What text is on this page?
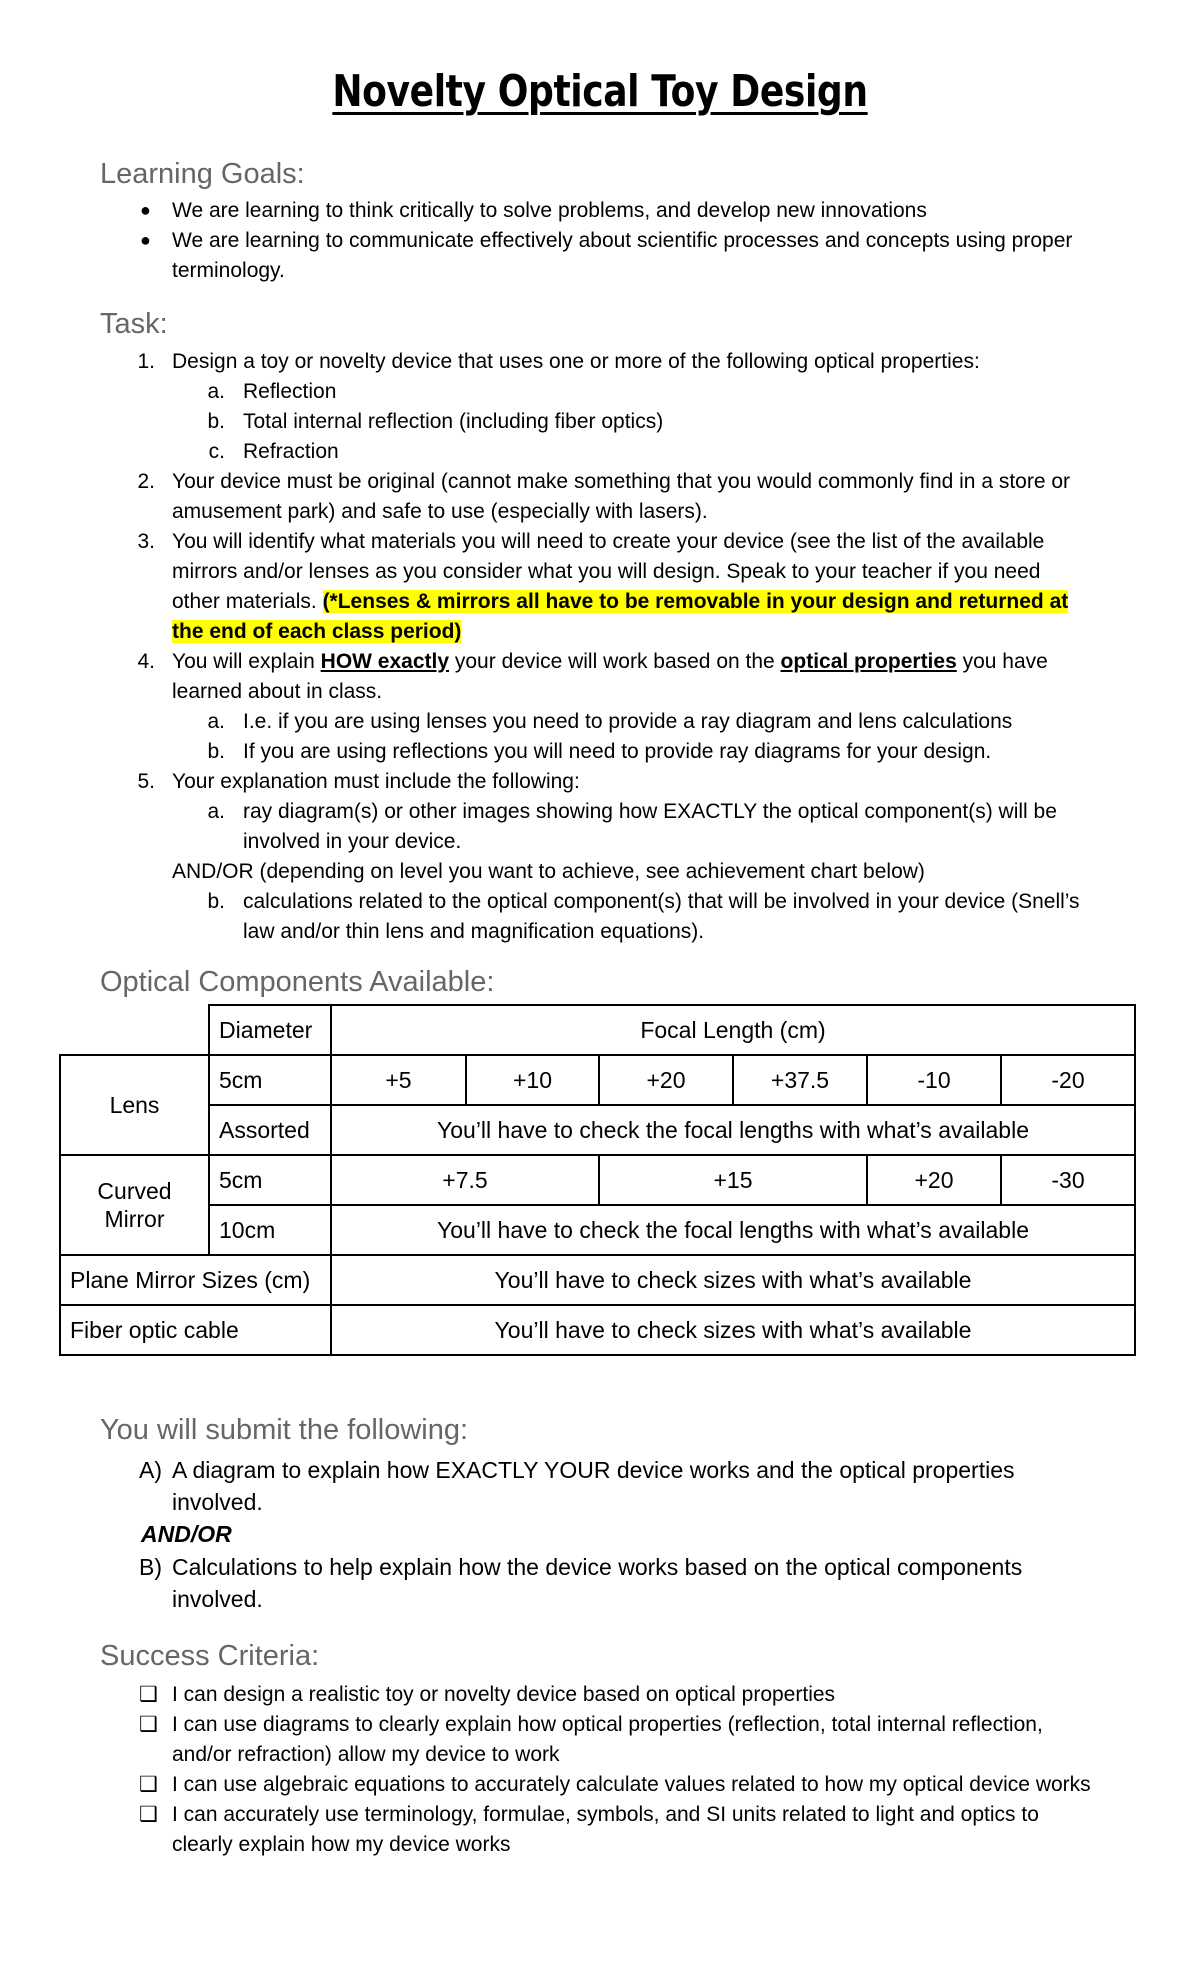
Novelty Optical Toy Design
Learning Goals:
● We are learning to think critically to solve problems, and develop new innovations
● We are learning to communicate effectively about scientific processes and concepts using proper
terminology.
Task:
1. Design a toy or novelty device that uses one or more of the following optical properties:
a. Reflection
b. Total internal reflection (including fiber optics)
c. Refraction
2. Your device must be original (cannot make something that you would commonly find in a store or
amusement park) and safe to use (especially with lasers).
3. You will identify what materials you will need to create your device (see the list of the available
mirrors and/or lenses as you consider what you will design. Speak to your teacher if you need
other materials. (*Lenses & mirrors all have to be removable in your design and returned at
the end of each class period)
4. You will explain HOW exactly your device will work based on the optical properties you have
learned about in class.
a. I.e. if you are using lenses you need to provide a ray diagram and lens calculations
b. If you are using reflections you will need to provide ray diagrams for your design.
5. Your explanation must include the following:
a. ray diagram(s) or other images showing how EXACTLY the optical component(s) will be
involved in your device.
AND/OR (depending on level you want to achieve, see achievement chart below)
b. calculations related to the optical component(s) that will be involved in your device (Snell’s
law and/or thin lens and magnification equations).
Optical Components Available:
Diameter	Focal Length (cm)
Lens
5cm	+5	+10	+20	+37.5	-10	-20
Assorted	You’ll have to check the focal lengths with what’s available
Curved
Mirror
5cm	+7.5	+15	+20	-30
10cm	You’ll have to check the focal lengths with what’s available
Plane Mirror Sizes (cm)	You’ll have to check sizes with what’s available
Fiber optic cable	You’ll have to check sizes with what’s available
You will submit the following:
A) A diagram to explain how EXACTLY YOUR device works and the optical properties
involved.
AND/OR
B) Calculations to help explain how the device works based on the optical components
involved.
Success Criteria:
❑ I can design a realistic toy or novelty device based on optical properties
❑ I can use diagrams to clearly explain how optical properties (reflection, total internal reflection,
and/or refraction) allow my device to work
❑ I can use algebraic equations to accurately calculate values related to how my optical device works
❑ I can accurately use terminology, formulae, symbols, and SI units related to light and optics to
clearly explain how my device works
